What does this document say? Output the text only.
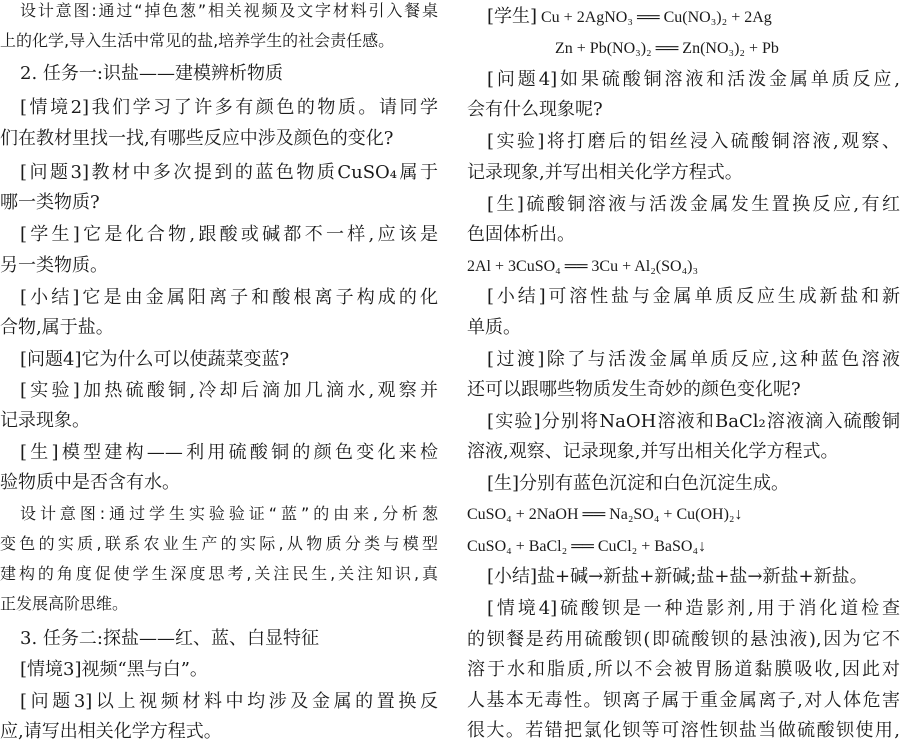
设计意图:通过“掉色葱”相关视频及文字材料引入餐桌
上的化学,导入生活中常见的盐,培养学生的社会责任感。
2. 任务一:识盐——建模辨析物质
[情境2]我们学习了许多有颜色的物质。请同学
们在教材里找一找,有哪些反应中涉及颜色的变化?
[问题3]教材中多次提到的蓝色物质CuSO₄属于
哪一类物质?
[学生]它是化合物,跟酸或碱都不一样,应该是
另一类物质。
[小结]它是由金属阳离子和酸根离子构成的化
合物,属于盐。
[问题4]它为什么可以使蔬菜变蓝?
[实验]加热硫酸铜,冷却后滴加几滴水,观察并
记录现象。
[生]模型建构——利用硫酸铜的颜色变化来检
验物质中是否含有水。
设计意图:通过学生实验验证“蓝”的由来,分析葱
变色的实质,联系农业生产的实际,从物质分类与模型
建构的角度促使学生深度思考,关注民生,关注知识,真
正发展高阶思维。
3. 任务二:探盐——红、蓝、白显特征
[情境3]视频“黑与白”。
[问题3]以上视频材料中均涉及金属的置换反
应,请写出相关化学方程式。
[学生] Cu + 2AgNO₃ ══ Cu(NO₃)₂ + 2Ag
Zn + Pb(NO₃)₂ ══ Zn(NO₃)₂ + Pb
[问题4]如果硫酸铜溶液和活泼金属单质反应,
会有什么现象呢?
[实验]将打磨后的铝丝浸入硫酸铜溶液,观察、
记录现象,并写出相关化学方程式。
[生]硫酸铜溶液与活泼金属发生置换反应,有红
色固体析出。
2Al + 3CuSO₄ ══ 3Cu + Al₂(SO₄)₃
[小结]可溶性盐与金属单质反应生成新盐和新
单质。
[过渡]除了与活泼金属单质反应,这种蓝色溶液
还可以跟哪些物质发生奇妙的颜色变化呢?
[实验]分别将NaOH溶液和BaCl₂溶液滴入硫酸铜
溶液,观察、记录现象,并写出相关化学方程式。
[生]分别有蓝色沉淀和白色沉淀生成。
CuSO₄ + 2NaOH ══ Na₂SO₄ + Cu(OH)₂↓
CuSO₄ + BaCl₂ ══ CuCl₂ + BaSO₄↓
[小结]盐+碱→新盐+新碱;盐+盐→新盐+新盐。
[情境4]硫酸钡是一种造影剂,用于消化道检查
的钡餐是药用硫酸钡(即硫酸钡的悬浊液),因为它不
溶于水和脂质,所以不会被胃肠道黏膜吸收,因此对
人基本无毒性。钡离子属于重金属离子,对人体危害
很大。若错把氯化钡等可溶性钡盐当做硫酸钡使用,
